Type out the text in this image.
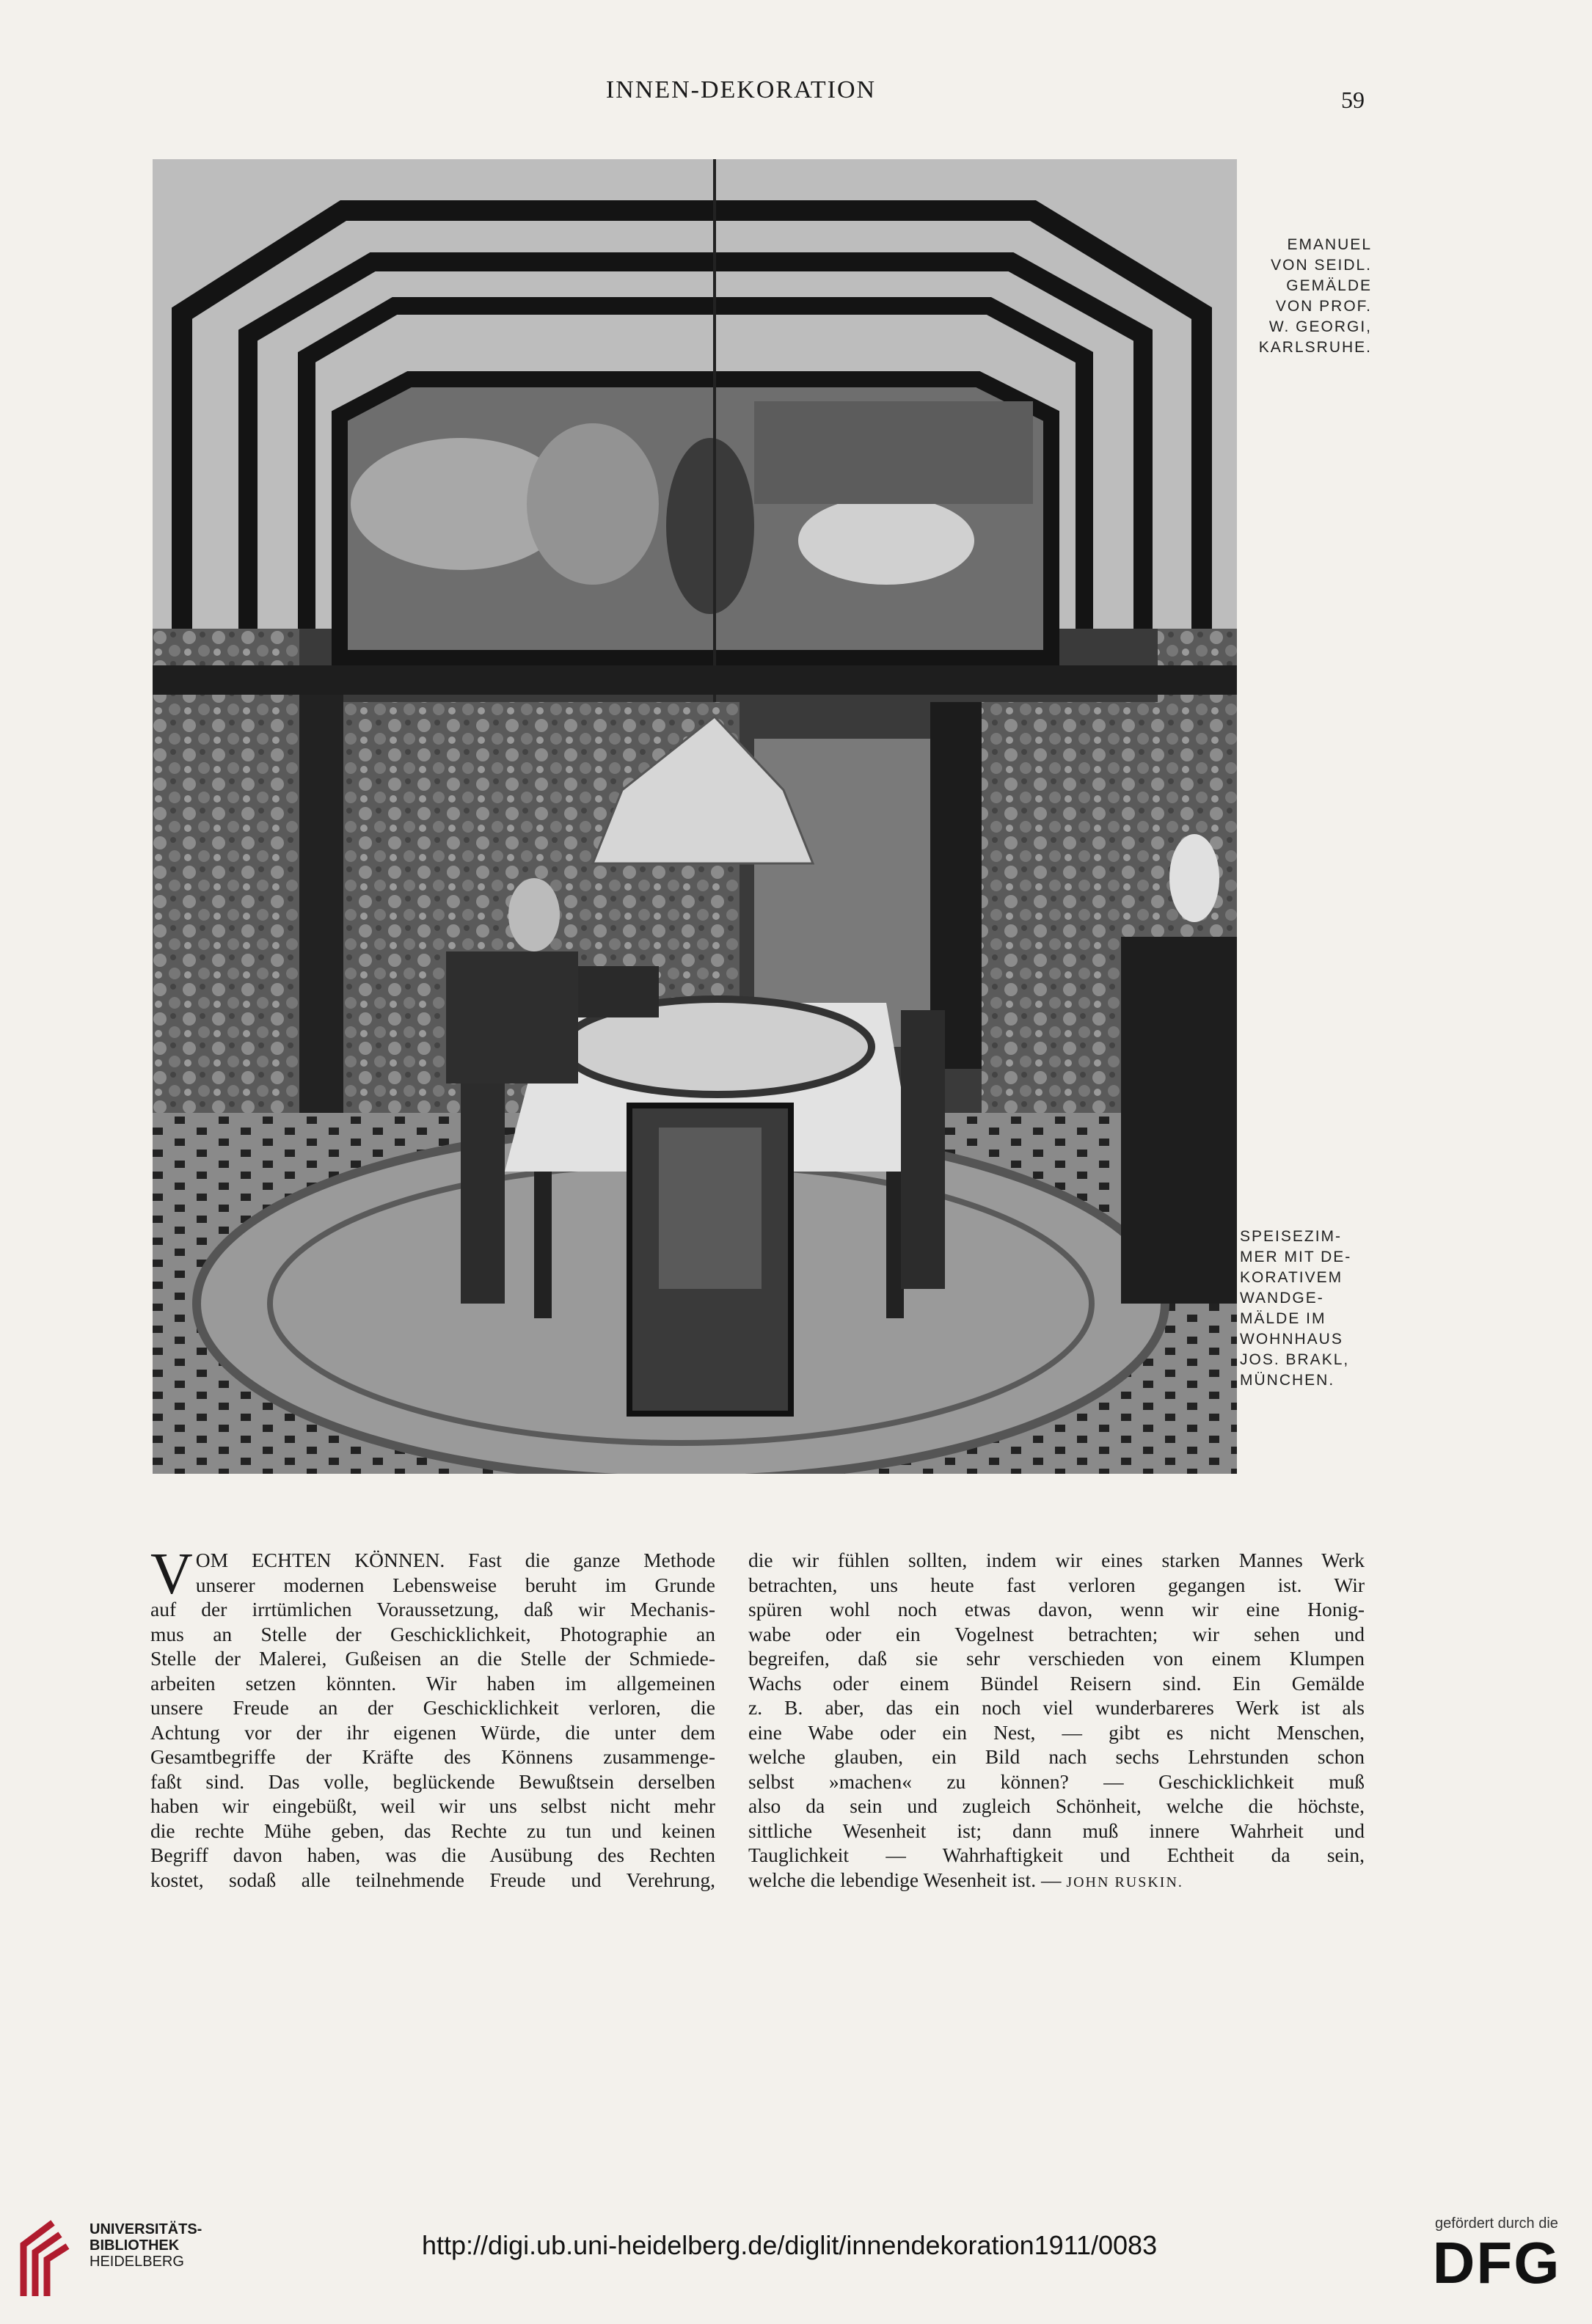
INNEN-DEKORATION	59
EMANUEL
VON SEIDL.
GEMÄLDE
VON PROF.
W. GEORGI,
KARLSRUHE.
SPEISEZIM-
MER MIT DE-
KORATIVEM
WANDGE-
MÄLDE IM
WOHNHAUS
JOS. BRAKL,
MÜNCHEN.
V OM ECHTEN KÖNNEN. Fast die ganze Methode
unserer modernen Lebensweise beruht im Grunde
auf der irrtümlichen Voraussetzung, daß wir Mechanis-
mus an Stelle der Geschicklichkeit, Photographie an
Stelle der Malerei, Gußeisen an die Stelle der Schmiede-
arbeiten setzen könnten. Wir haben im allgemeinen
unsere Freude an der Geschicklichkeit verloren, die
Achtung vor der ihr eigenen Würde, die unter dem
Gesamtbegriffe der Kräfte des Könnens zusammenge-
faßt sind. Das volle, beglückende Bewußtsein derselben
haben wir eingebüßt, weil wir uns selbst nicht mehr
die rechte Mühe geben, das Rechte zu tun und keinen
Begriff davon haben, was die Ausübung des Rechten
kostet, sodaß alle teilnehmende Freude und Verehrung,
die wir fühlen sollten, indem wir eines starken Mannes Werk
betrachten, uns heute fast verloren gegangen ist. Wir
spüren wohl noch etwas davon, wenn wir eine Honig-
wabe oder ein Vogelnest betrachten; wir sehen und
begreifen, daß sie sehr verschieden von einem Klumpen
Wachs oder einem Bündel Reisern sind. Ein Gemälde
z. B. aber, das ein noch viel wunderbareres Werk ist als
eine Wabe oder ein Nest, — gibt es nicht Menschen,
welche glauben, ein Bild nach sechs Lehrstunden schon
selbst »machen« zu können? — Geschicklichkeit muß
also da sein und zugleich Schönheit, welche die höchste,
sittliche Wesenheit ist; dann muß innere Wahrheit und
Tauglichkeit — Wahrhaftigkeit und Echtheit da sein,
welche die lebendige Wesenheit ist. — JOHN RUSKIN.
UNIVERSITÄTS-
BIBLIOTHEK
HEIDELBERG
http://digi.ub.uni-heidelberg.de/diglit/innendekoration1911/0083
gefördert durch die
DFG
